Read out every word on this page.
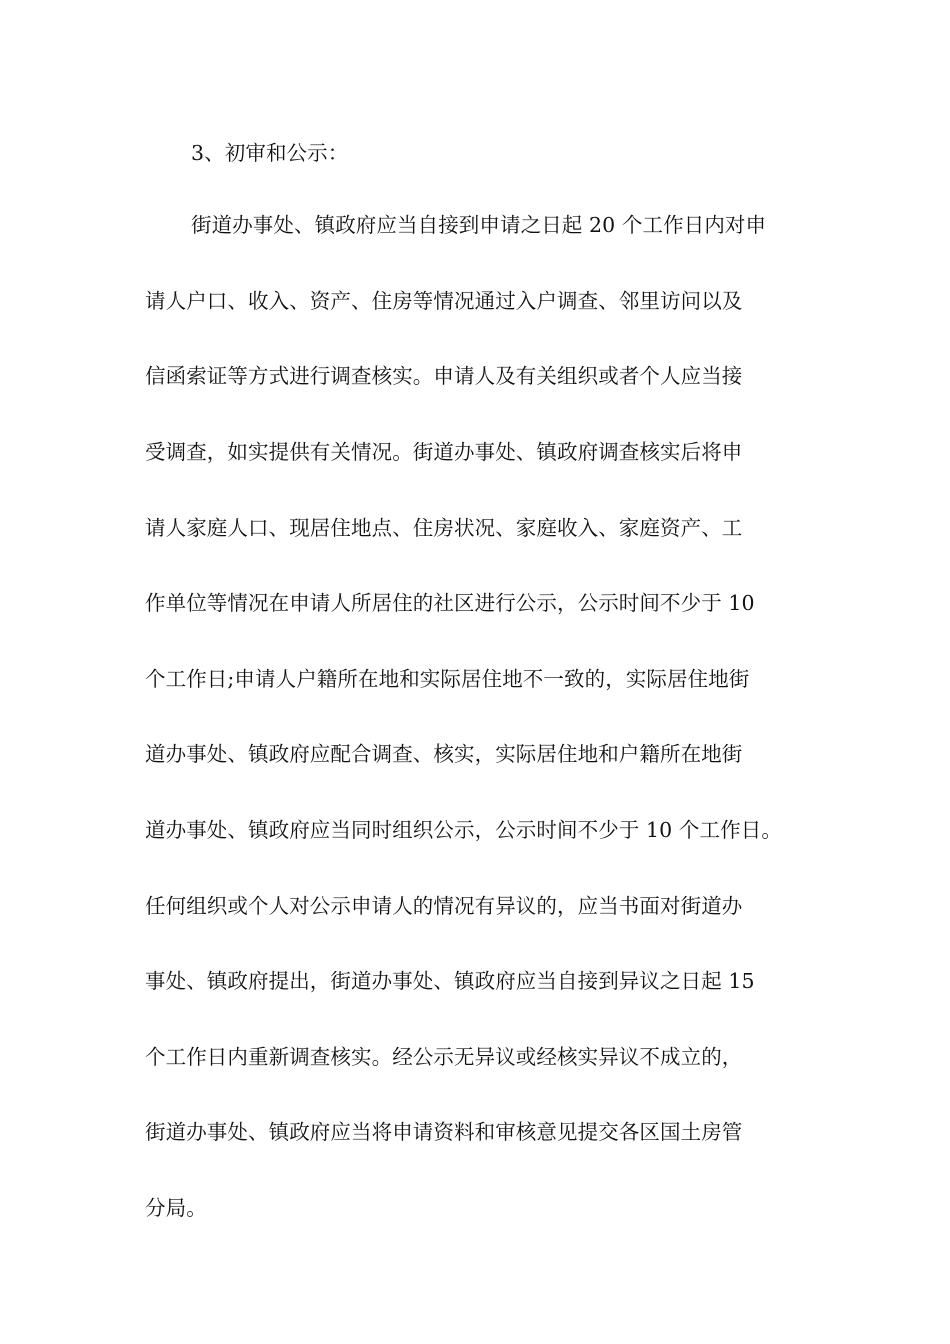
3、初审和公示：
街道办事处、镇政府应当自接到申请之日起 20 个工作日内对申
请人户口、收入、资产、住房等情况通过入户调查、邻里访问以及
信函索证等方式进行调查核实。申请人及有关组织或者个人应当接
受调查，如实提供有关情况。街道办事处、镇政府调查核实后将申
请人家庭人口、现居住地点、住房状况、家庭收入、家庭资产、工
作单位等情况在申请人所居住的社区进行公示，公示时间不少于 10
个工作日;申请人户籍所在地和实际居住地不一致的，实际居住地街
道办事处、镇政府应配合调查、核实，实际居住地和户籍所在地街
道办事处、镇政府应当同时组织公示，公示时间不少于 10 个工作日。
任何组织或个人对公示申请人的情况有异议的，应当书面对街道办
事处、镇政府提出，街道办事处、镇政府应当自接到异议之日起 15
个工作日内重新调查核实。经公示无异议或经核实异议不成立的，
街道办事处、镇政府应当将申请资料和审核意见提交各区国土房管
分局。
